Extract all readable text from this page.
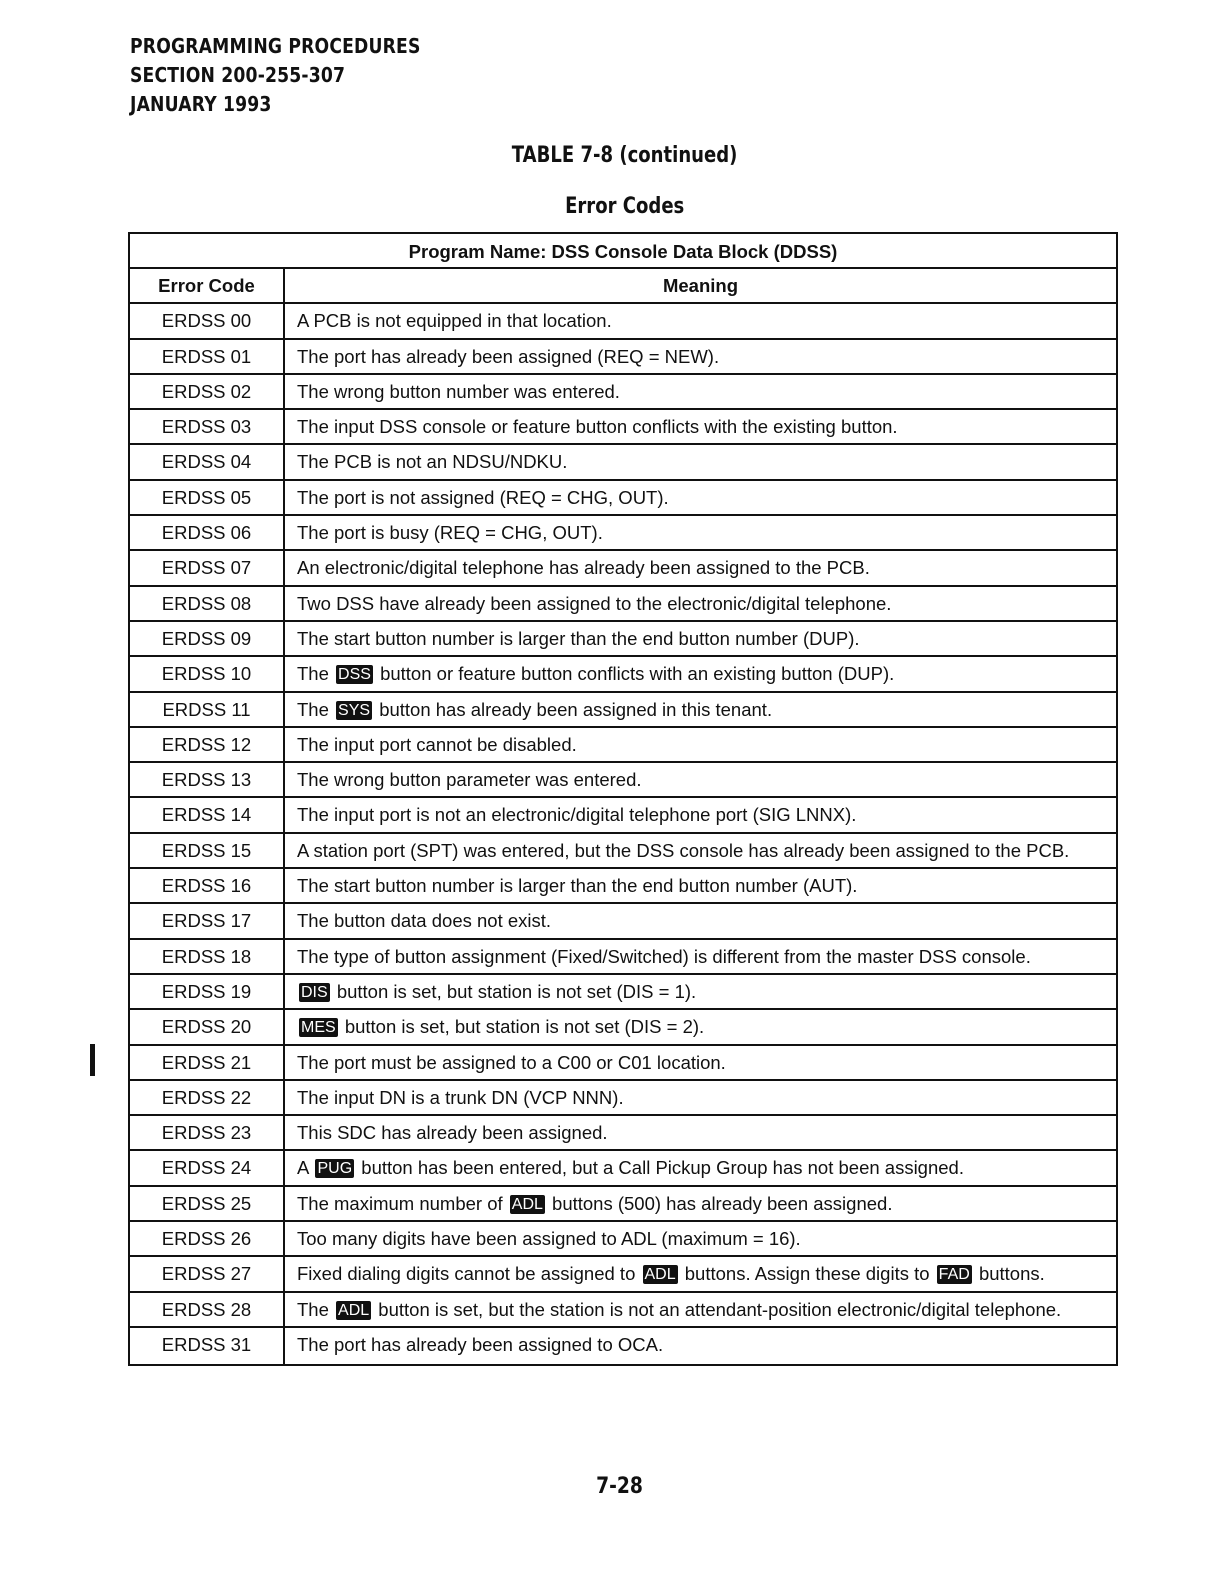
PROGRAMMING PROCEDURES
SECTION 200-255-307
JANUARY 1993
TABLE 7-8 (continued)
Error Codes
Program Name: DSS Console Data Block (DDSS)
Error Code	Meaning
ERDSS 00	A PCB is not equipped in that location.
ERDSS 01	The port has already been assigned (REQ = NEW).
ERDSS 02	The wrong button number was entered.
ERDSS 03	The input DSS console or feature button conflicts with the existing button.
ERDSS 04	The PCB is not an NDSU/NDKU.
ERDSS 05	The port is not assigned (REQ = CHG, OUT).
ERDSS 06	The port is busy (REQ = CHG, OUT).
ERDSS 07	An electronic/digital telephone has already been assigned to the PCB.
ERDSS 08	Two DSS have already been assigned to the electronic/digital telephone.
ERDSS 09	The start button number is larger than the end button number (DUP).
ERDSS 10	The DSS button or feature button conflicts with an existing button (DUP).
ERDSS 11	The SYS button has already been assigned in this tenant.
ERDSS 12	The input port cannot be disabled.
ERDSS 13	The wrong button parameter was entered.
ERDSS 14	The input port is not an electronic/digital telephone port (SIG LNNX).
ERDSS 15	A station port (SPT) was entered, but the DSS console has already been assigned to the PCB.
ERDSS 16	The start button number is larger than the end button number (AUT).
ERDSS 17	The button data does not exist.
ERDSS 18	The type of button assignment (Fixed/Switched) is different from the master DSS console.
ERDSS 19	DIS button is set, but station is not set (DIS = 1).
ERDSS 20	MES button is set, but station is not set (DIS = 2).
ERDSS 21	The port must be assigned to a C00 or C01 location.
ERDSS 22	The input DN is a trunk DN (VCP NNN).
ERDSS 23	This SDC has already been assigned.
ERDSS 24	A PUG button has been entered, but a Call Pickup Group has not been assigned.
ERDSS 25	The maximum number of ADL buttons (500) has already been assigned.
ERDSS 26	Too many digits have been assigned to ADL (maximum = 16).
ERDSS 27	Fixed dialing digits cannot be assigned to ADL buttons. Assign these digits to FAD buttons.
ERDSS 28	The ADL button is set, but the station is not an attendant-position electronic/digital telephone.
ERDSS 31	The port has already been assigned to OCA.
7-28
